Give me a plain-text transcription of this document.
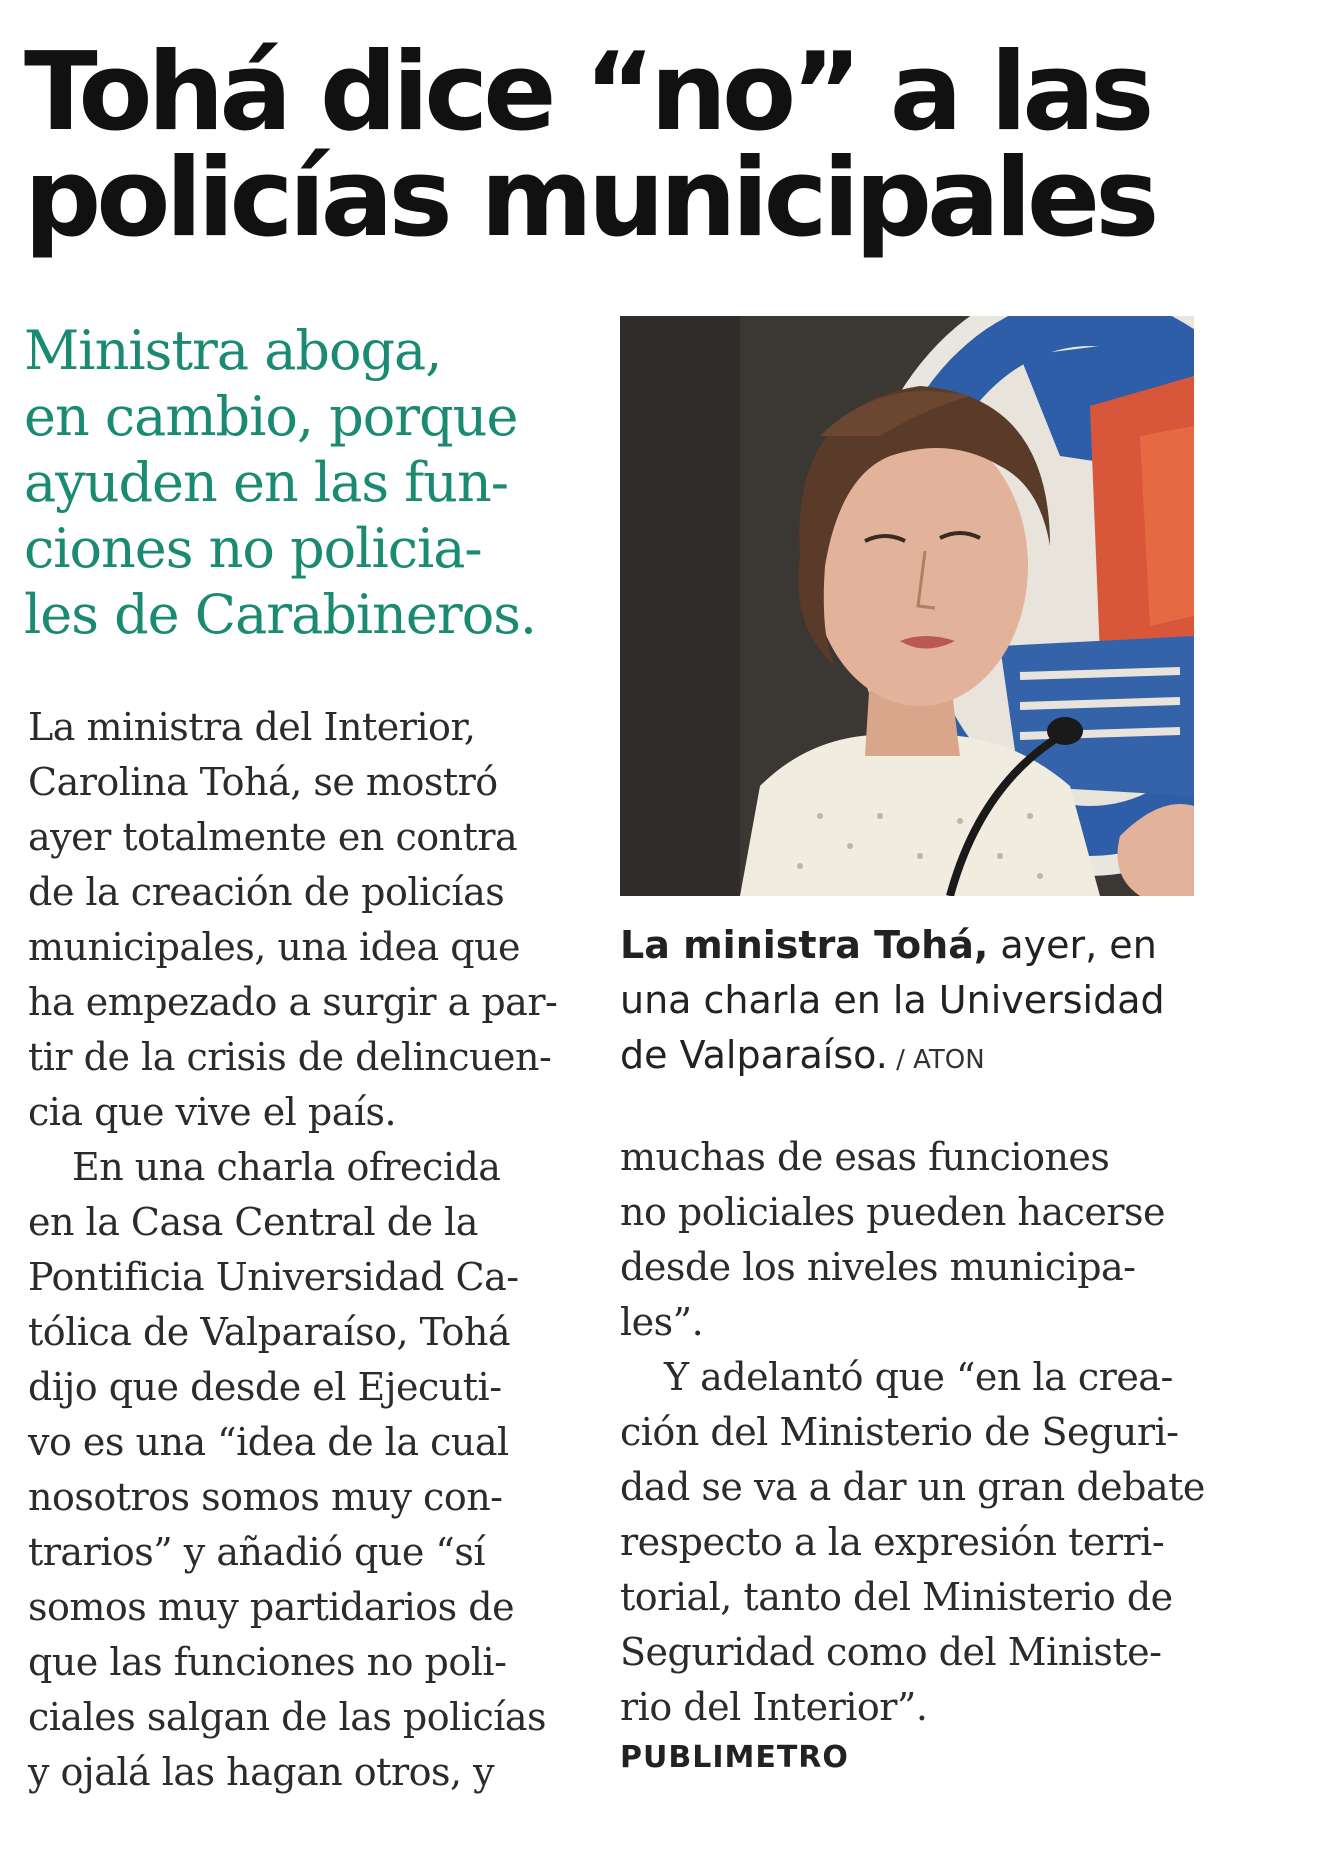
Tohá dice “no” a las
policías municipales
Ministra aboga,
en cambio, porque
ayuden en las fun-
ciones no policia-
les de Carabineros.
La ministra del Interior,
Carolina Tohá, se mostró
ayer totalmente en contra
de la creación de policías
municipales, una idea que
ha empezado a surgir a par-
tir de la crisis de delincuen-
cia que vive el país.
En una charla ofrecida
en la Casa Central de la
Pontificia Universidad Ca-
tólica de Valparaíso, Tohá
dijo que desde el Ejecuti-
vo es una “idea de la cual
nosotros somos muy con-
trarios” y añadió que “sí
somos muy partidarios de
que las funciones no poli-
ciales salgan de las policías
y ojalá las hagan otros, y
La ministra Tohá, ayer, en
una charla en la Universidad
de Valparaíso. / ATON
muchas de esas funciones
no policiales pueden hacerse
desde los niveles municipa-
les”.
Y adelantó que “en la crea-
ción del Ministerio de Seguri-
dad se va a dar un gran debate
respecto a la expresión terri-
torial, tanto del Ministerio de
Seguridad como del Ministe-
rio del Interior”.
PUBLIMETRO
